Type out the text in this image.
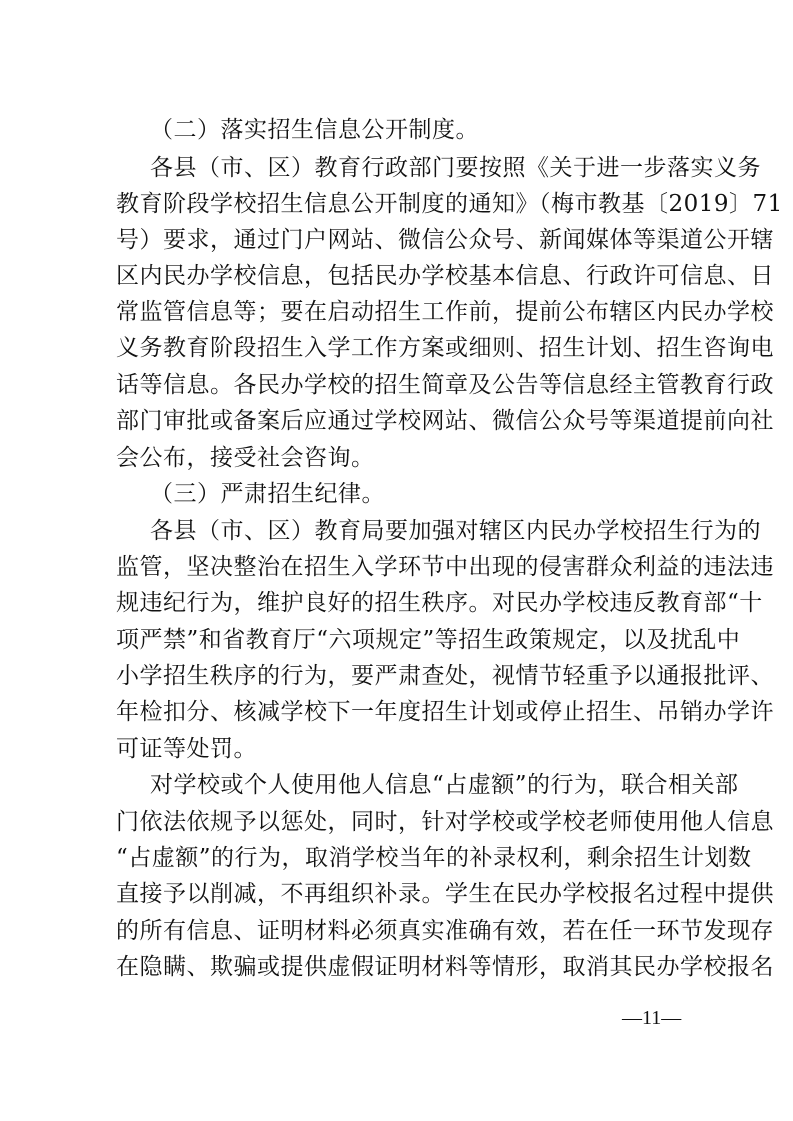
（二）落实招生信息公开制度。
各县（市、区）教育行政部门要按照《关于进一步落实义务
教育阶段学校招生信息公开制度的通知》（梅市教基〔2019〕71
号）要求，通过门户网站、微信公众号、新闻媒体等渠道公开辖
区内民办学校信息，包括民办学校基本信息、行政许可信息、日
常监管信息等；要在启动招生工作前，提前公布辖区内民办学校
义务教育阶段招生入学工作方案或细则、招生计划、招生咨询电
话等信息。各民办学校的招生简章及公告等信息经主管教育行政
部门审批或备案后应通过学校网站、微信公众号等渠道提前向社
会公布，接受社会咨询。
（三）严肃招生纪律。
各县（市、区）教育局要加强对辖区内民办学校招生行为的
监管，坚决整治在招生入学环节中出现的侵害群众利益的违法违
规违纪行为，维护良好的招生秩序。对民办学校违反教育部“十
项严禁”和省教育厅“六项规定”等招生政策规定，以及扰乱中
小学招生秩序的行为，要严肃查处，视情节轻重予以通报批评、
年检扣分、核减学校下一年度招生计划或停止招生、吊销办学许
可证等处罚。
对学校或个人使用他人信息“占虚额”的行为，联合相关部
门依法依规予以惩处，同时，针对学校或学校老师使用他人信息
“占虚额”的行为，取消学校当年的补录权利，剩余招生计划数
直接予以削减，不再组织补录。学生在民办学校报名过程中提供
的所有信息、证明材料必须真实准确有效，若在任一环节发现存
在隐瞒、欺骗或提供虚假证明材料等情形，取消其民办学校报名
—11—
